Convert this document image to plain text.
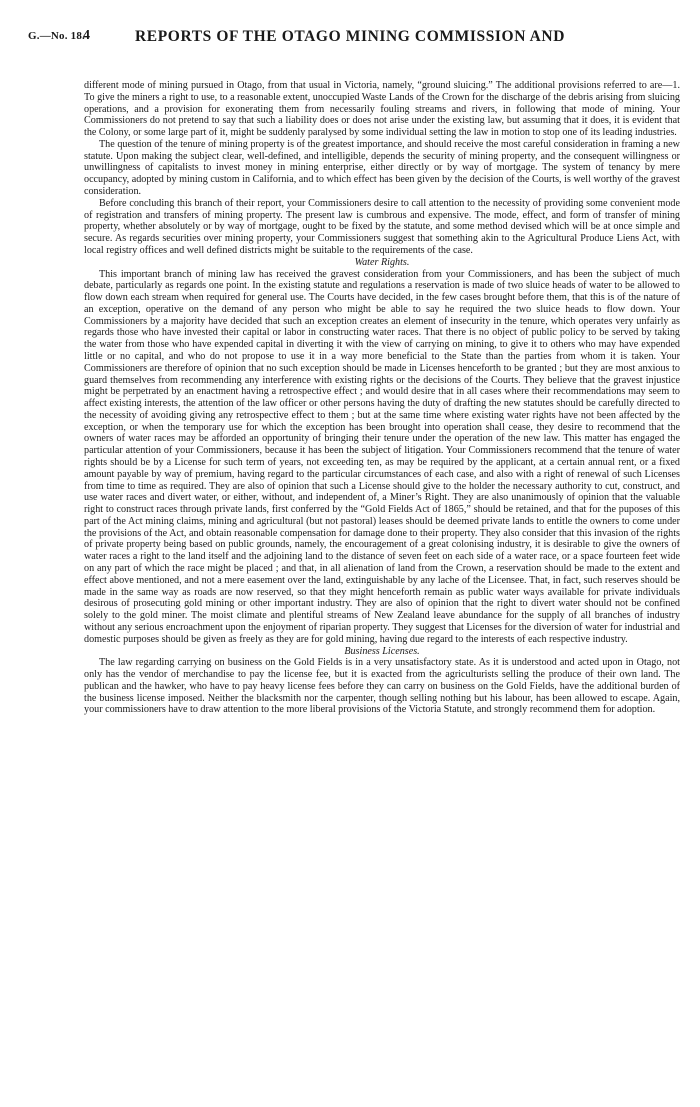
G.—No. 18.
4	REPORTS OF THE OTAGO MINING COMMISSION AND

different mode of mining pursued in Otago, from that usual in Victoria, namely, “ground sluicing.” The additional provisions referred to are—1. To give the miners a right to use, to a reasonable extent, unoccupied Waste Lands of the Crown for the discharge of the debris arising from sluicing operations, and a provision for exonerating them from necessarily fouling streams and rivers, in following that mode of mining. Your Commissioners do not pretend to say that such a liability does or does not arise under the existing law, but assuming that it does, it is evident that the Colony, or some large part of it, might be suddenly paralysed by some individual setting the law in motion to stop one of its leading industries.

The question of the tenure of mining property is of the greatest importance, and should receive the most careful consideration in framing a new statute. Upon making the subject clear, well-defined, and intelligible, depends the security of mining property, and the consequent willingness or unwillingness of capitalists to invest money in mining enterprise, either directly or by way of mortgage. The system of tenancy by mere occupancy, adopted by mining custom in California, and to which effect has been given by the decision of the Courts, is well worthy of the gravest consideration.

Before concluding this branch of their report, your Commissioners desire to call attention to the necessity of providing some convenient mode of registration and transfers of mining property. The present law is cumbrous and expensive. The mode, effect, and form of transfer of mining property, whether absolutely or by way of mortgage, ought to be fixed by the statute, and some method devised which will be at once simple and secure. As regards securities over mining property, your Commissioners suggest that something akin to the Agricultural Produce Liens Act, with local registry offices and well defined districts might be suitable to the requirements of the case.

Water Rights.

This important branch of mining law has received the gravest consideration from your Commissioners, and has been the subject of much debate, particularly as regards one point. In the existing statute and regulations a reservation is made of two sluice heads of water to be allowed to flow down each stream when required for general use. The Courts have decided, in the few cases brought before them, that this is of the nature of an exception, operative on the demand of any person who might be able to say he required the two sluice heads to flow down. Your Commissioners by a majority have decided that such an exception creates an element of insecurity in the tenure, which operates very unfairly as regards those who have invested their capital or labor in constructing water races. That there is no object of public policy to be served by taking the water from those who have expended capital in diverting it with the view of carrying on mining, to give it to others who may have expended little or no capital, and who do not propose to use it in a way more beneficial to the State than the parties from whom it is taken. Your Commissioners are therefore of opinion that no such exception should be made in Licenses henceforth to be granted ; but they are most anxious to guard themselves from recommending any interference with existing rights or the decisions of the Courts. They believe that the gravest injustice might be perpetrated by an enactment having a retrospective effect ; and would desire that in all cases where their recommendations may seem to affect existing interests, the attention of the law officer or other persons having the duty of drafting the new statutes should be carefully directed to the necessity of avoiding giving any retrospective effect to them ; but at the same time where existing water rights have not been affected by the exception, or when the temporary use for which the exception has been brought into operation shall cease, they desire to recommend that the owners of water races may be afforded an opportunity of bringing their tenure under the operation of the new law. This matter has engaged the particular attention of your Commissioners, because it has been the subject of litigation. Your Commissioners recommend that the tenure of water rights should be by a License for such term of years, not exceeding ten, as may be required by the applicant, at a certain annual rent, or a fixed amount payable by way of premium, having regard to the particular circumstances of each case, and also with a right of renewal of such Licenses from time to time as required. They are also of opinion that such a License should give to the holder the necessary authority to cut, construct, and use water races and divert water, or either, without, and independent of, a Miner’s Right. They are also unanimously of opinion that the valuable right to construct races through private lands, first conferred by the “Gold Fields Act of 1865,” should be retained, and that for the puposes of this part of the Act mining claims, mining and agricultural (but not pastoral) leases should be deemed private lands to entitle the owners to come under the provisions of the Act, and obtain reasonable compensation for damage done to their property. They also consider that this invasion of the rights of private property being based on public grounds, namely, the encouragement of a great colonising industry, it is desirable to give the owners of water races a right to the land itself and the adjoining land to the distance of seven feet on each side of a water race, or a space fourteen feet wide on any part of which the race might be placed ; and that, in all alienation of land from the Crown, a reservation should be made to the extent and effect above mentioned, and not a mere easement over the land, extinguishable by any lache of the Licensee. That, in fact, such reserves should be made in the same way as roads are now reserved, so that they might henceforth remain as public water ways available for private individuals desirous of prosecuting gold mining or other important industry. They are also of opinion that the right to divert water should not be confined solely to the gold miner. The moist climate and plentiful streams of New Zealand leave abundance for the supply of all branches of industry without any serious encroachment upon the enjoyment of riparian property. They suggest that Licenses for the diversion of water for industrial and domestic purposes should be given as freely as they are for gold mining, having due regard to the interests of each respective industry.

Business Licenses.

The law regarding carrying on business on the Gold Fields is in a very unsatisfactory state. As it is understood and acted upon in Otago, not only has the vendor of merchandise to pay the license fee, but it is exacted from the agriculturists selling the produce of their own land. The publican and the hawker, who have to pay heavy license fees before they can carry on business on the Gold Fields, have the additional burden of the business license imposed. Neither the blacksmith nor the carpenter, though selling nothing but his labour, has been allowed to escape. Again, your commissioners have to draw attention to the more liberal provisions of the Victoria Statute, and strongly recommend them for adoption.
